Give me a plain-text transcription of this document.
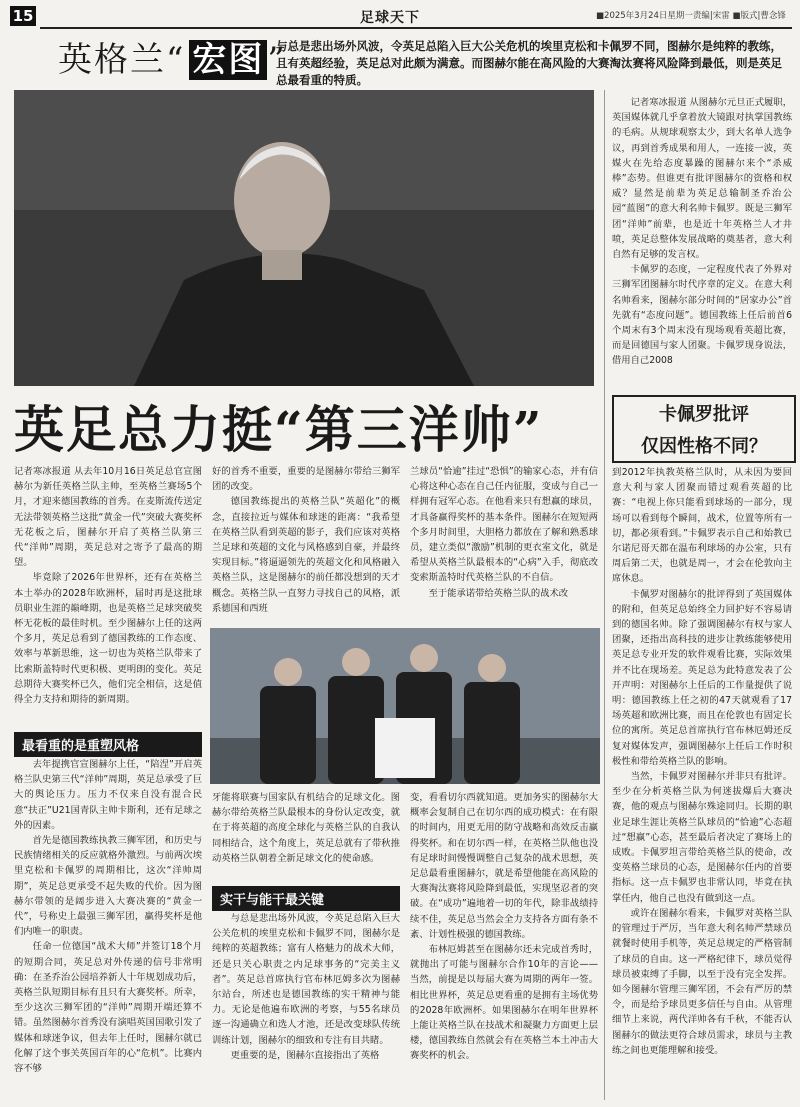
15	足球天下	■2025年3月24日星期一责编|宋雷 ■版式|曹念锋
英格兰“ 宏图”
与总是悲出场外风波，令英足总陷入巨大公关危机的埃里克松和卡佩罗不同，图赫尔是纯粹的教练，且有英超经验，英足总对此颇为满意。而图赫尔能在高风险的大赛淘汰赛将风险降到最低，则是英足总最看重的特质。
英足总力挺“第三洋帅”

记者寒冰报道 从去年10月16日英足总官宣图赫尔为新任英格兰队主帅，至英格兰赛场5个月，才迎来德国教练的首秀。在麦斯流传送定无法带领英格兰这批“黄金一代”突破大赛奖杯无花板之后，图赫尔开启了英格兰队第三代“洋帅”周期，英足总对之寄予了最高的期望。

毕竟除了2026年世界杯，还有在英格兰本土举办的2028年欧洲杯，届时再是这批球员职业生涯的巅峰期，也是英格兰足球突破奖杯无花板的最佳时机。至少图赫尔上任的这两个多月，英足总看到了德国教练的工作态度、效率与革新思维，这一切也为英格兰队带来了比索斯盖特时代更积极、更明朗的变化。英足总期待大赛奖杯已久，他们完全相信，这是值得全力支持和期待的新周期。

最看重的是重塑风格

去年提携官宣图赫尔上任，“陪涅”开启英格兰队史第三代“洋帅”周期，英足总承受了巨大的舆论压力。压力不仅来自没有混合民意“扶正”U21国青队主帅卡斯利，还有足球之外的因素。

首先是德国教练执教三狮军团，和历史与民族情绪相关的反应就格外激烈。与前两次埃里克松和卡佩罗的周期相比，这次“洋帅周期”，英足总更承受不起失败的代价。因为图赫尔带领的是阔步进入大赛决赛的“黄金一代”，号称史上最强三狮军团，赢得奖杯是他们内唯一的职责。

任命一位德国“战术大师”并签订18个月的短期合同，英足总对外传递的信号非常明确：在圣乔治公园培养新人十年规划成功后，英格兰队短期目标有且只有大赛奖杯。所幸，至少这次三狮军团的“洋帅”周期开端还算不错。虽然图赫尔首秀没有演唱英国国歌引发了媒体和球迷争议，但去年上任时，图赫尔就已化解了这个事关英国百年的心“危机”。比赛内容不够

好的首秀不重要，重要的是图赫尔带给三狮军团的改变。

德国教练提出的英格兰队“英超化”的概念，直接拉近与媒体和球迷的距离：“我希望在英格兰队看到英超的影子，我们应该对英格兰足球和英超的文化与风格感到自豪，并最终实现目标。”将逼逼领先的英超文化和风格融入英格兰队，这是图赫尔的前任都没想到的天才概念。英格兰队一直努力寻找自己的风格，派系德国和西班

兰球员“恰逾”挂过“恐惧”的输家心态，并有信心将这种心态在自己任内征服，变成与自己一样拥有冠军心态。在他看来只有想赢的球员，才具备赢得奖杯的基本条件。图赫尔在短短两个多月时间里，大胆格力都放在了解和熟悉球员，建立类似“激励”机制的更衣室文化，就是希望从英格兰队最根本的“心病”入手，彻底改变索斯盖特时代英格兰队的不自信。

至于能承诺带给英格兰队的战术改

牙能将联赛与国家队有机结合的足球文化。图赫尔带给英格兰队最根本的身份认定改变，就在于将英超的高度全球化与英格兰队的自我认同相结合，这个角度上，英足总就有了带秋推动英格兰队朝着全新足球文化的使命感。

实干与能干最关键

与总是悲出场外风波，令英足总陷入巨大公关危机的埃里克松和卡佩罗不同，图赫尔是纯粹的英超教练；富有人格魅力的战术大师，还是只关心职责之内足球事务的“完美主义者”。英足总首席执行官布林厄姆多次为图赫尔站台，所述也是德国教练的实干精神与能力。无论是他遍布欧洲的考察，与55名球员逐一沟通确立和选人才池，还是改变球队传统训练计划，图赫尔的细致和专注有目共睹。

更重要的是，图赫尔直接指出了英格

变，看看切尔西就知道。更加务实的图赫尔大概率会复制自己在切尔西的成功模式：在有限的时间内，用更无用的防守战略和高效反击赢得奖杯。和在切尔西一样，在英格兰队他也没有足球时间慢慢调整自己复杂的战术思想，英足总最看重图赫尔，就是希望他能在高风险的大赛淘汰赛将风险降到最低，实现坚忍者的突破。在“成功”遍地着一切的年代，除非战绩持续不佳，英足总当然会全力支持各方面有条不紊、计划性极强的德国教练。

布林厄姆甚至在图赫尔还未完成首秀时，就抛出了可能与图赫尔合作10年的言论——当然，前提是以每届大赛为周期的两年一签。相比世界杯，英足总更看重的是拥有主场优势的2028年欧洲杯。如果图赫尔在明年世界杯上能让英格兰队在技战术和凝聚力方面更上层楼，德国教练自然就会有在英格兰本土冲击大赛奖杯的机会。

记者寒冰报道 从图赫尔元旦正式履职，英国媒体就几乎拿着放大镜跟对执掌国教练的毛病。从规球观察太少，到大名单人选争议，再到首秀成果和用人，一连接一波，英媒火在先给态度暴躁的图赫尔来个“杀威棒”态势。但谁更有批评图赫尔的资格和权威？显然是前辈为英足总输制圣乔治公园“蓝图”的意大利名帅卡佩罗。既是三狮军团“洋帅”前辈，也是近十年英格兰人才井喷，英足总整体发展战略的奠基者，意大利自然有足够的发言权。

卡佩罗的态度，一定程度代表了外界对三狮军团图赫尔时代序章的定义。在意大利名帅看来，图赫尔部分时间的“居家办公”首先就有“态度问题”。德国教练上任后前首6个周末有3个周末没有现场观看英超比赛，而是回德国与家人团聚。卡佩罗现身说法，借用自己2008

卡佩罗批评
仅因性格不同？

到2012年执教英格兰队时，从未因为要回意大利与家人团聚而错过观看英超的比赛：“电视上你只能看到球场的一部分，现场可以看到每个瞬间，战术，位置等所有一切，都必须看到。”卡佩罗表示自己和始教已尔诺尼哥天都在温布利球场的办公室，只有周后第二天，也就是周一，才会在伦敦向主席休息。

卡佩罗对图赫尔的批评得到了英国媒体的附和，但英足总始终全力回护好不容易请到的德国名帅。除了强调图赫尔有权与家人团聚，还指出高科技的进步让教练能够使用英足总专业开发的软件观看比赛，实际效果并不比在现场差。英足总为此特意发表了公开声明：对图赫尔上任后的工作量提供了说明：德国教练上任之初的47天就观看了17场英超和欧洲比赛，而且在伦敦也有固定长位的寓所。英足总首席执行官布林厄姆还反复对媒体发声，强调图赫尔上任后工作时积极性和带给英格兰队的影响。

当然，卡佩罗对图赫尔并非只有批评。至少在分析英格兰队为何迷拔爆后大赛决赛，他的观点与图赫尔殊途同归。长期的职业足球生涯让英格兰队球员的“恰逾”心态超过“想赢”心态，甚至最后者决定了赛场上的成败。卡佩罗坦言带给英格兰队的使命，改变英格兰球员的心态，是图赫尔任内的首要指标。这一点卡佩罗也非常认同，毕竟在执掌任内，他自己也没有做到这一点。

或许在图赫尔看来，卡佩罗对英格兰队的管理过于严厉，当年意大利名帅严禁球员就餐时使用手机等，英足总规定的严格管制了球员的自由。这一严格纪律下，球员觉得球员被束缚了手脚，以至于没有完全发挥。如今图赫尔管理三狮军团，不会有严厉的禁令，而是给予球员更多信任与自由。从管理细节上来说，两代洋帅各有千秋，不能否认图赫尔的做法更符合球员需求，球员与主教练之间也更能理解和接受。
